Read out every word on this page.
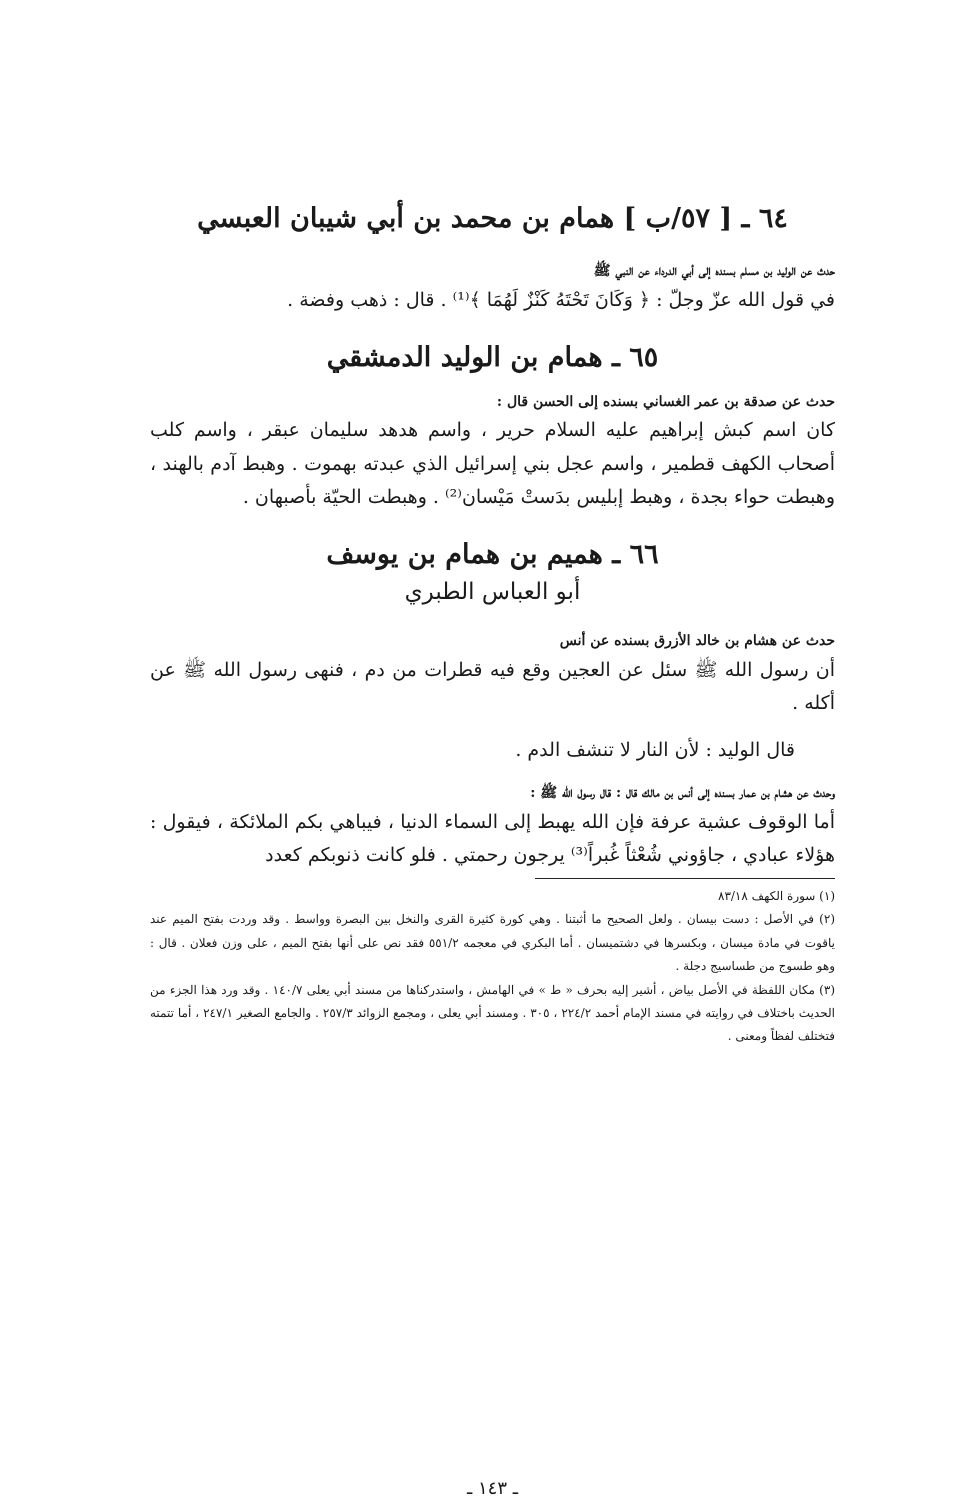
٦٤ ـ [ ٥٧/ب ] همام بن محمد بن أبي شيبان العبسي

حدث عن الوليد بن مسلم بسنده إلى أبي الدرداء عن النبي ﷺ

في قول الله عزّ وجلّ : ﴿ وَكَانَ تَحْتَهُ كَنْزٌ لَهُمَا ﴾⁽¹⁾ . قال : ذهب وفضة .

٦٥ ـ همام بن الوليد الدمشقي

حدث عن صدقة بن عمر الغساني بسنده إلى الحسن قال :

كان اسم كبش إبراهيم عليه السلام حرير ، واسم هدهد سليمان عبقر ، واسم كلب أصحاب الكهف قطمير ، واسم عجل بني إسرائيل الذي عبدته بهموت . وهبط آدم بالهند ، وهبطت حواء بجدة ، وهبط إبليس بدَستْ مَيْسان⁽²⁾ . وهبطت الحيّة بأصبهان .

٦٦ ـ هميم بن همام بن يوسف

أبو العباس الطبري

حدث عن هشام بن خالد الأزرق بسنده عن أنس

أن رسول الله ﷺ سئل عن العجين وقع فيه قطرات من دم ، فنهى رسول الله ﷺ عن أكله .

قال الوليد : لأن النار لا تنشف الدم .

وحدث عن هشام بن عمار بسنده إلى أنس بن مالك قال : قال رسول الله ﷺ :

أما الوقوف عشية عرفة فإن الله يهبط إلى السماء الدنيا ، فيباهي بكم الملائكة ، فيقول : هؤلاء عبادي ، جاؤوني شُعْثاً غُبراً⁽³⁾ يرجون رحمتي . فلو كانت ذنوبكم كعدد

(١) سورة الكهف ٨٣/١٨

(٢) في الأصل : دست بيسان . ولعل الصحيح ما أثبتنا . وهي كورة كثيرة القرى والنخل بين البصرة وواسط . وقد وردت بفتح الميم عند ياقوت في مادة ميسان ، وبكسرها في دشتميسان . أما البكري في معجمه ٥٥١/٢ فقد نص على أنها بفتح الميم ، على وزن فعلان . قال : وهو طسوج من طساسيج دجلة .

(٣) مكان اللفظة في الأصل بياض ، أشير إليه بحرف « ط » في الهامش ، واستدركناها من مسند أبي يعلى ١٤٠/٧ . وقد ورد هذا الجزء من الحديث باختلاف في روايته في مسند الإمام أحمد ٢٢٤/٢ ، ٣٠٥ . ومسند أبي يعلى ، ومجمع الزوائد ٢٥٧/٣ . والجامع الصغير ٢٤٧/١ ، أما تتمته فتختلف لفظاً ومعنى .

ـ ١٤٣ ـ
